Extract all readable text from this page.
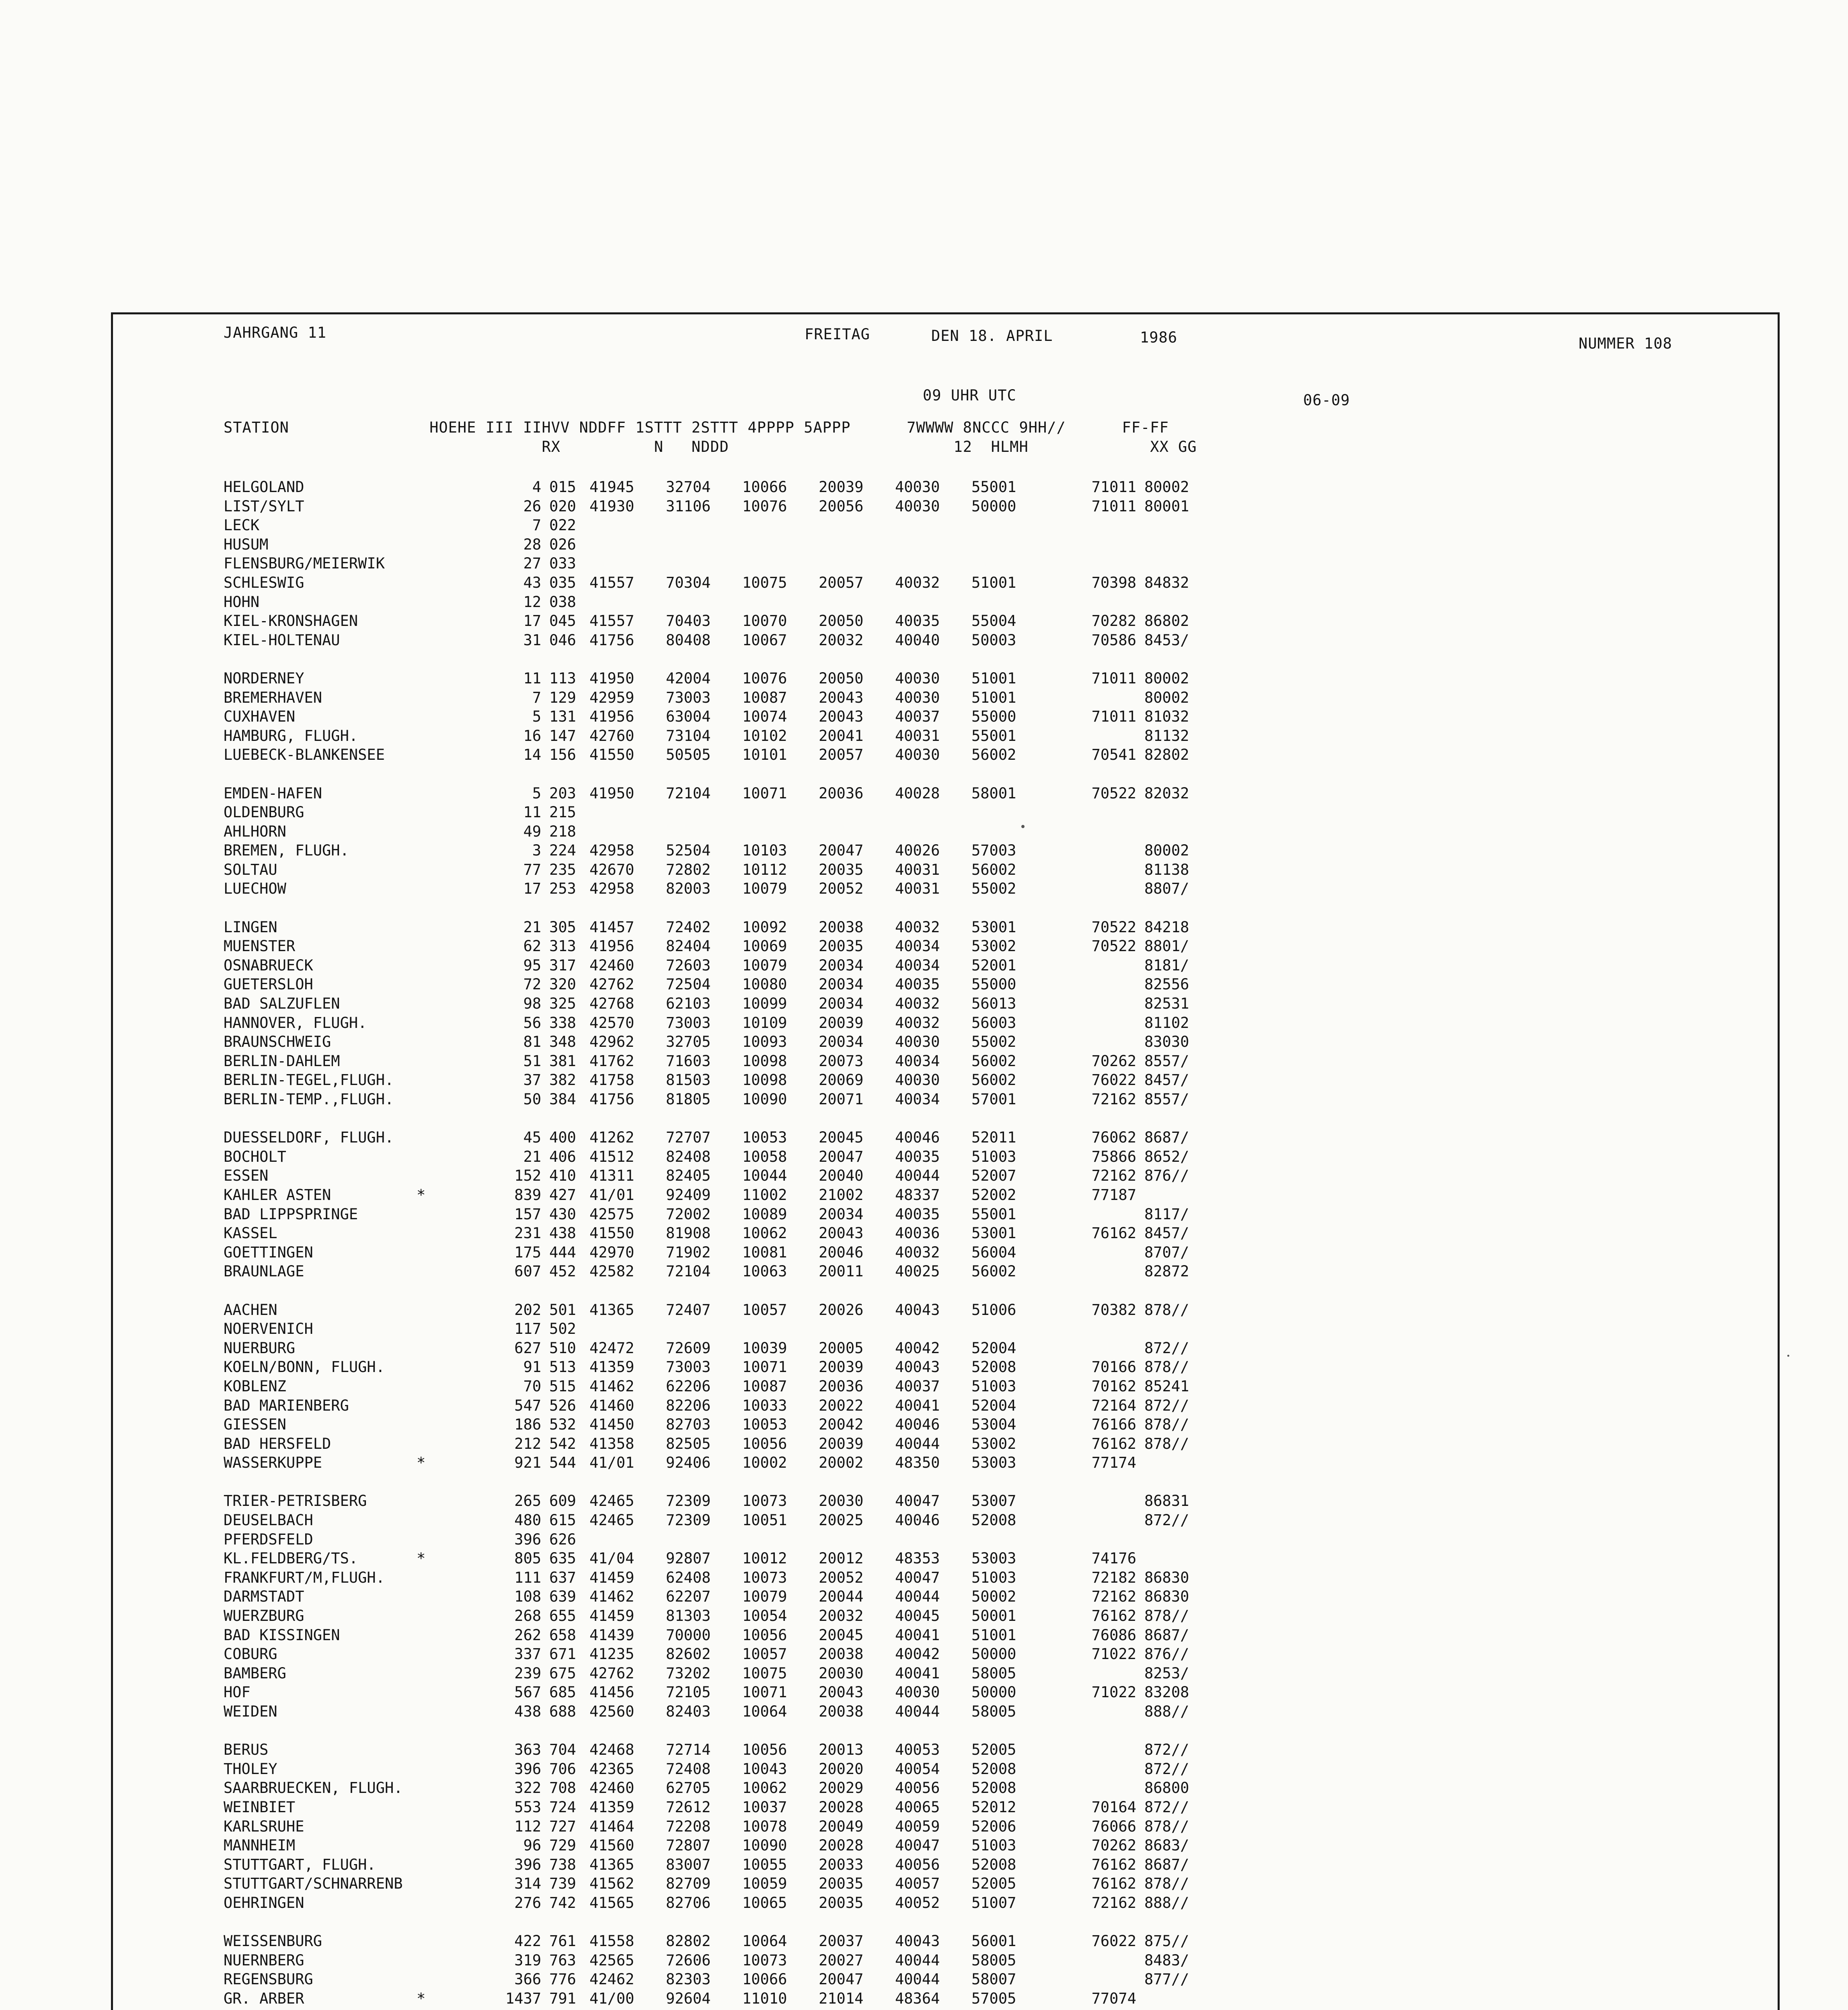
JAHRGANG 11	FREITAG	DEN 18. APRIL	1986	NUMMER 108
09 UHR UTC	06-09
STATION               HOEHE III IIHVV NDDFF 1STTT 2STTT 4PPPP 5APPP      7WWWW 8NCCC 9HH//      FF-FF
RX          N   NDDD                        12  HLMH             XX GG
HELGOLAND	4 015 41945 32704 10066 20039 40030 55001	71011 80002
LIST/SYLT	26 020 41930 31106 10076 20056 40030 50000	71011 80001
LECK	7 022
HUSUM	28 026
FLENSBURG/MEIERWIK	27 033
SCHLESWIG	43 035 41557 70304 10075 20057 40032 51001	70398 84832
HOHN	12 038
KIEL-KRONSHAGEN	17 045 41557 70403 10070 20050 40035 55004	70282 86802
KIEL-HOLTENAU	31 046 41756 80408 10067 20032 40040 50003	70586 8453/
NORDERNEY	11 113 41950 42004 10076 20050 40030 51001	71011 80002
BREMERHAVEN	7 129 42959 73003 10087 20043 40030 51001	80002
CUXHAVEN	5 131 41956 63004 10074 20043 40037 55000	71011 81032
HAMBURG, FLUGH.	16 147 42760 73104 10102 20041 40031 55001	81132
LUEBECK-BLANKENSEE	14 156 41550 50505 10101 20057 40030 56002	70541 82802
EMDEN-HAFEN	5 203 41950 72104 10071 20036 40028 58001	70522 82032
OLDENBURG	11 215
AHLHORN	49 218
BREMEN, FLUGH.	3 224 42958 52504 10103 20047 40026 57003	80002
SOLTAU	77 235 42670 72802 10112 20035 40031 56002	81138
LUECHOW	17 253 42958 82003 10079 20052 40031 55002	8807/
LINGEN	21 305 41457 72402 10092 20038 40032 53001	70522 84218
MUENSTER	62 313 41956 82404 10069 20035 40034 53002	70522 8801/
OSNABRUECK	95 317 42460 72603 10079 20034 40034 52001	8181/
GUETERSLOH	72 320 42762 72504 10080 20034 40035 55000	82556
BAD SALZUFLEN	98 325 42768 62103 10099 20034 40032 56013	82531
HANNOVER, FLUGH.	56 338 42570 73003 10109 20039 40032 56003	81102
BRAUNSCHWEIG	81 348 42962 32705 10093 20034 40030 55002	83030
BERLIN-DAHLEM	51 381 41762 71603 10098 20073 40034 56002	70262 8557/
BERLIN-TEGEL,FLUGH.	37 382 41758 81503 10098 20069 40030 56002	76022 8457/
BERLIN-TEMP.,FLUGH.	50 384 41756 81805 10090 20071 40034 57001	72162 8557/
DUESSELDORF, FLUGH.	45 400 41262 72707 10053 20045 40046 52011	76062 8687/
BOCHOLT	21 406 41512 82408 10058 20047 40035 51003	75866 8652/
ESSEN	152 410 41311 82405 10044 20040 40044 52007	72162 876//
KAHLER ASTEN	*	839 427 41/01 92409 11002 21002 48337 52002	77187
BAD LIPPSPRINGE	157 430 42575 72002 10089 20034 40035 55001	8117/
KASSEL	231 438 41550 81908 10062 20043 40036 53001	76162 8457/
GOETTINGEN	175 444 42970 71902 10081 20046 40032 56004	8707/
BRAUNLAGE	607 452 42582 72104 10063 20011 40025 56002	82872
AACHEN	202 501 41365 72407 10057 20026 40043 51006	70382 878//
NOERVENICH	117 502
NUERBURG	627 510 42472 72609 10039 20005 40042 52004	872//
KOELN/BONN, FLUGH.	91 513 41359 73003 10071 20039 40043 52008	70166 878//
KOBLENZ	70 515 41462 62206 10087 20036 40037 51003	70162 85241
BAD MARIENBERG	547 526 41460 82206 10033 20022 40041 52004	72164 872//
GIESSEN	186 532 41450 82703 10053 20042 40046 53004	76166 878//
BAD HERSFELD	212 542 41358 82505 10056 20039 40044 53002	76162 878//
WASSERKUPPE	*	921 544 41/01 92406 10002 20002 48350 53003	77174
TRIER-PETRISBERG	265 609 42465 72309 10073 20030 40047 53007	86831
DEUSELBACH	480 615 42465 72309 10051 20025 40046 52008	872//
PFERDSFELD	396 626
KL.FELDBERG/TS.	*	805 635 41/04 92807 10012 20012 48353 53003	74176
FRANKFURT/M,FLUGH.	111 637 41459 62408 10073 20052 40047 51003	72182 86830
DARMSTADT	108 639 41462 62207 10079 20044 40044 50002	72162 86830
WUERZBURG	268 655 41459 81303 10054 20032 40045 50001	76162 878//
BAD KISSINGEN	262 658 41439 70000 10056 20045 40041 51001	76086 8687/
COBURG	337 671 41235 82602 10057 20038 40042 50000	71022 876//
BAMBERG	239 675 42762 73202 10075 20030 40041 58005	8253/
HOF	567 685 41456 72105 10071 20043 40030 50000	71022 83208
WEIDEN	438 688 42560 82403 10064 20038 40044 58005	888//
BERUS	363 704 42468 72714 10056 20013 40053 52005	872//
THOLEY	396 706 42365 72408 10043 20020 40054 52008	872//
SAARBRUECKEN, FLUGH.	322 708 42460 62705 10062 20029 40056 52008	86800
WEINBIET	553 724 41359 72612 10037 20028 40065 52012	70164 872//
KARLSRUHE	112 727 41464 72208 10078 20049 40059 52006	76066 878//
MANNHEIM	96 729 41560 72807 10090 20028 40047 51003	70262 8683/
STUTTGART, FLUGH.	396 738 41365 83007 10055 20033 40056 52008	76162 8687/
STUTTGART/SCHNARRENB	314 739 41562 82709 10059 20035 40057 52005	76162 878//
OEHRINGEN	276 742 41565 82706 10065 20035 40052 51007	72162 888//
WEISSENBURG	422 761 41558 82802 10064 20037 40043 56001	76022 875//
NUERNBERG	319 763 42565 72606 10073 20027 40044 58005	8483/
REGENSBURG	366 776 42462 82303 10066 20047 40044 58007	877//
GR. ARBER	*	1437 791 41/00 92604 11010 21014 48364 57005	77074
